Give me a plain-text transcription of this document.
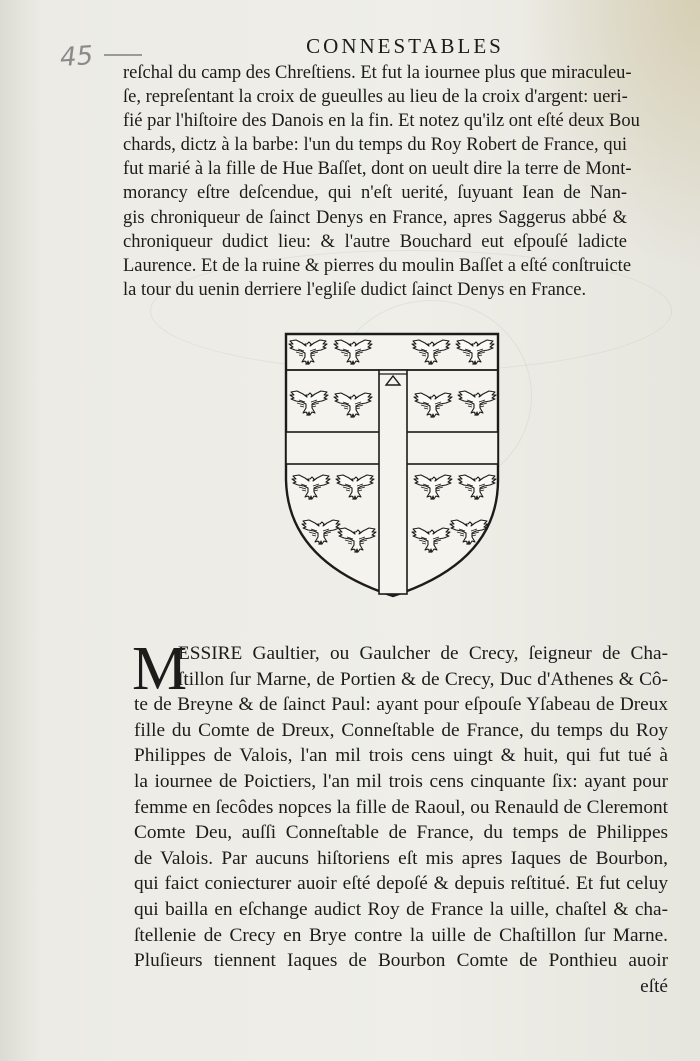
45	CONNESTABLES
reſchal du camp des Chreſtiens. Et fut la iournee plus que miraculeu-
ſe, repreſentant la croix de gueulles au lieu de la croix d'argent: ueri-
fié par l'hiſtoire des Danois en la fin. Et notez qu'ilz ont eſté deux Bou
chards, dictz à la barbe: l'un du temps du Roy Robert de France, qui
fut marié à la fille de Hue Baſſet, dont on ueult dire la terre de Mont-
morancy eſtre deſcendue, qui n'eſt uerité, ſuyuant Iean de Nan-
gis chroniqueur de ſainct Denys en France, apres Saggerus abbé &
chroniqueur dudict lieu: & l'autre Bouchard eut eſpouſé ladicte
Laurence. Et de la ruine & pierres du moulin Baſſet a eſté conſtruicte
la tour du uenin derriere l'egliſe dudict ſainct Denys en France.
M
ESSIRE Gaultier, ou Gaulcher de Crecy, ſeigneur de Cha-
ſtillon ſur Marne, de Portien & de Crecy, Duc d'Athenes & Cô-
te de Breyne & de ſainct Paul: ayant pour eſpouſe Yſabeau de Dreux
fille du Comte de Dreux, Conneſtable de France, du temps du Roy
Philippes de Valois, l'an mil trois cens uingt & huit, qui fut tué à
la iournee de Poictiers, l'an mil trois cens cinquante ſix: ayant pour
femme en ſecôdes nopces la fille de Raoul, ou Renauld de Cleremont
Comte Deu, auſſi Conneſtable de France, du temps de Philippes
de Valois. Par aucuns hiſtoriens eſt mis apres Iaques de Bourbon,
qui faict coniecturer auoir eſté depoſé & depuis reſtitué. Et fut celuy
qui bailla en eſchange audict Roy de France la uille, chaſtel & cha-
ſtellenie de Crecy en Brye contre la uille de Chaſtillon ſur Marne.
Pluſieurs tiennent Iaques de Bourbon Comte de Ponthieu auoir
eſté
